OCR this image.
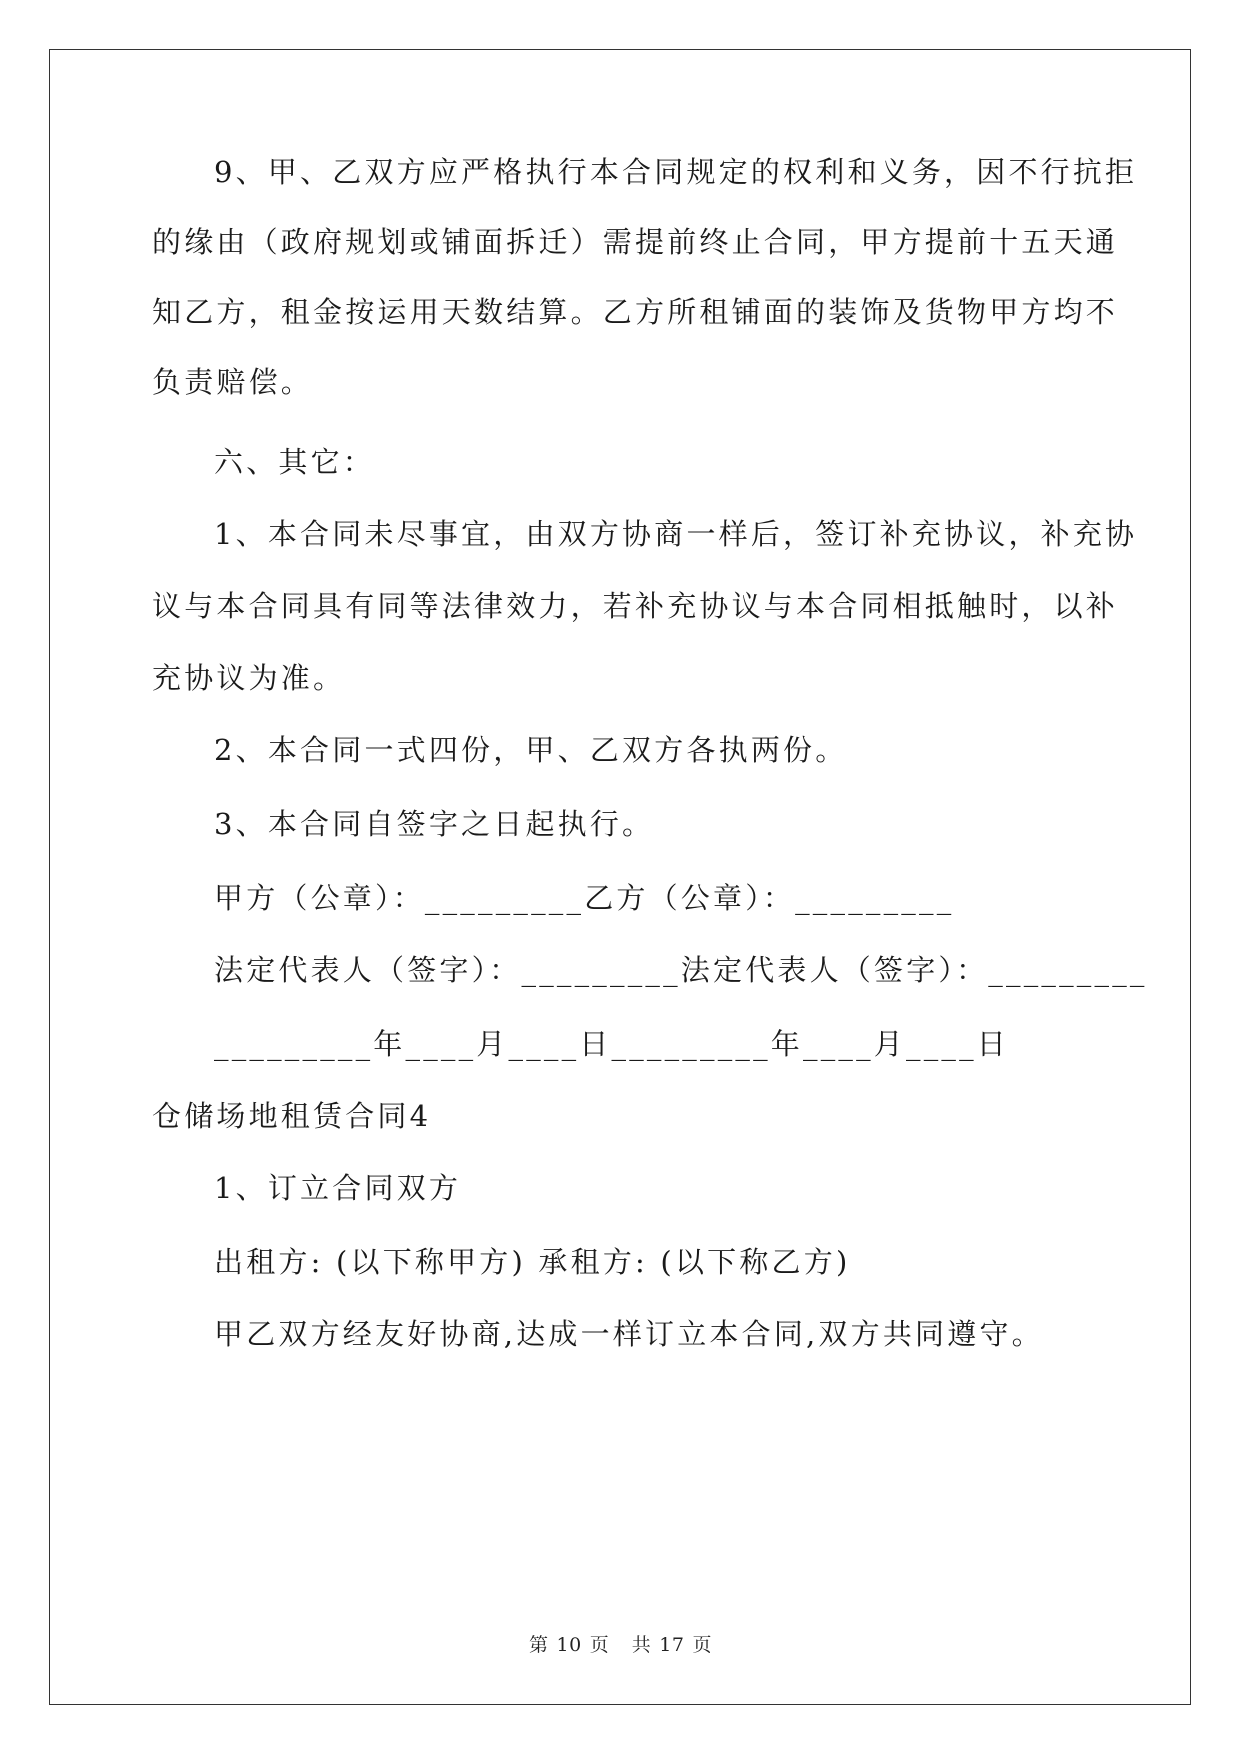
9、甲、乙双方应严格执行本合同规定的权利和义务，因不行抗拒

的缘由（政府规划或铺面拆迁）需提前终止合同，甲方提前十五天通

知乙方，租金按运用天数结算。乙方所租铺面的装饰及货物甲方均不

负责赔偿。

六、其它：

1、本合同未尽事宜，由双方协商一样后，签订补充协议，补充协

议与本合同具有同等法律效力，若补充协议与本合同相抵触时，以补

充协议为准。

2、本合同一式四份，甲、乙双方各执两份。

3、本合同自签字之日起执行。

甲方（公章）：_________乙方（公章）：_________

法定代表人（签字）：_________法定代表人（签字）：_________

_________年____月____日_________年____月____日

仓储场地租赁合同4

1、订立合同双方

出租方: (以下称甲方) 承租方: (以下称乙方)

甲乙双方经友好协商,达成一样订立本合同,双方共同遵守。

第 10 页 共 17 页
